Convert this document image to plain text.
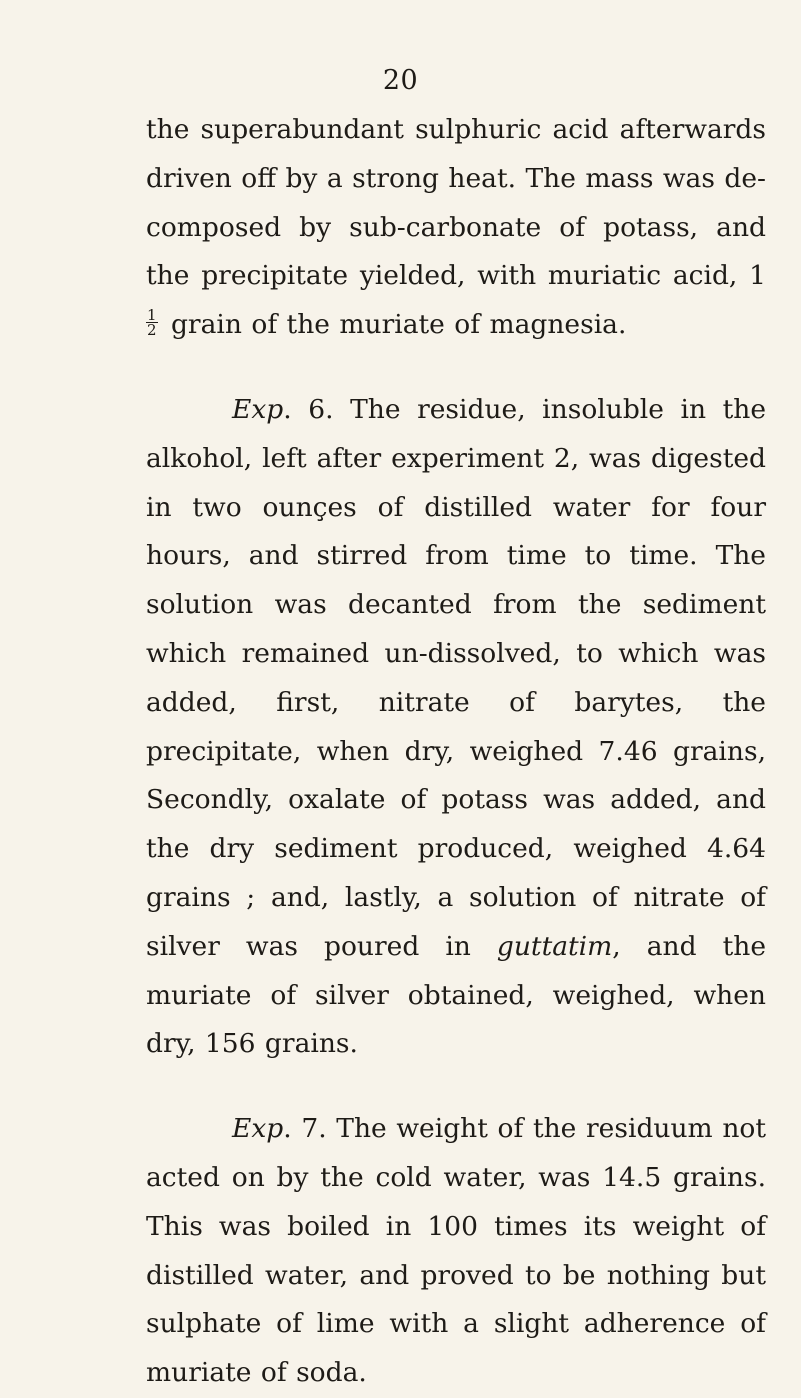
20

the superabundant sulphuric acid afterwards driven off by a strong heat. The mass was de-composed by sub-carbonate of potass, and the precipitate yielded, with muriatic acid, 1
$\frac{1}{2}$ grain of the muriate of magnesia.

Exp. 6. The residue, insoluble in the alkohol, left after experiment 2, was digested in two ounçes of distilled water for four hours, and stirred from time to time. The solution was decanted from the sediment which remained un-dissolved, to which was added, first, nitrate of barytes, the precipitate, when dry, weighed 7.46 grains, Secondly, oxalate of potass was added, and the dry sediment produced, weighed 4.64 grains ; and, lastly, a solution of nitrate of silver was poured in guttatim, and the muriate of silver obtained, weighed, when dry, 156 grains.

Exp. 7. The weight of the residuum not acted on by the cold water, was 14.5 grains. This was boiled in 100 times its weight of distilled water, and proved to be nothing but sulphate of lime with a slight adherence of muriate of soda.
